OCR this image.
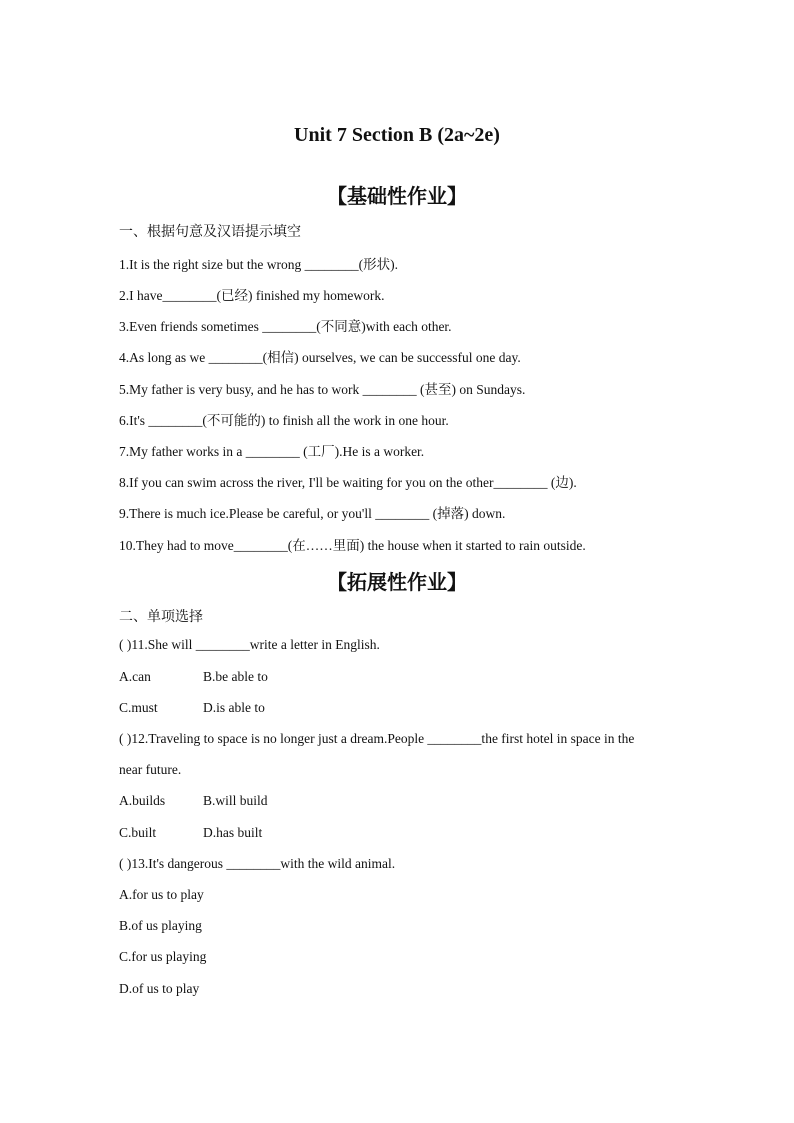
Unit 7 Section B (2a~2e)
【基础性作业】
一、根据句意及汉语提示填空
1.It is the right size but the wrong ________(形状).
2.I have________(已经) finished my homework.
3.Even friends sometimes ________(不同意)with each other.
4.As long as we ________(相信) ourselves, we can be successful one day.
5.My father is very busy, and he has to work ________ (甚至) on Sundays.
6.It's ________(不可能的) to finish all the work in one hour.
7.My father works in a ________ (工厂).He is a worker.
8.If you can swim across the river, I'll be waiting for you on the other________ (边).
9.There is much ice.Please be careful, or you'll ________ (掉落) down.
10.They had to move________(在……里面) the house when it started to rain outside.
【拓展性作业】
二、单项选择
( )11.She will ________write a letter in English.
A.can	B.be able to
C.must	D.is able to
( )12.Traveling to space is no longer just a dream.People ________the first hotel in space in the
near future.
A.builds	B.will build
C.built	D.has built
( )13.It's dangerous ________with the wild animal.
A.for us to play
B.of us playing
C.for us playing
D.of us to play
